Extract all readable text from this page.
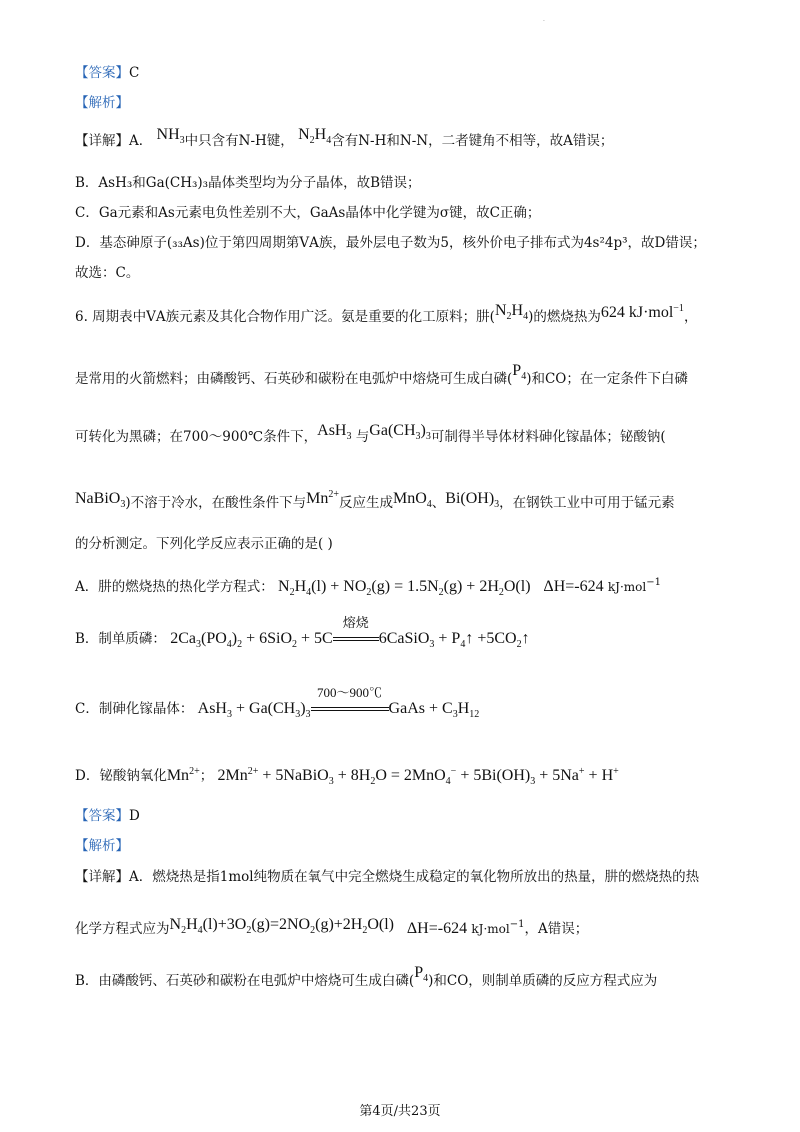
·
【答案】C
【解析】
【详解】A． $NH_3$中只含有N-H键， $N_2H_4$含有N-H和N-N，二者键角不相等，故A错误；
B．AsH₃和Ga(CH₃)₃晶体类型均为分子晶体，故B错误；
C．Ga元素和As元素电负性差别不大，GaAs晶体中化学键为σ键，故C正确；
D．基态砷原子(₃₃As)位于第四周期第ⅤA族，最外层电子数为5，核外价电子排布式为4s²4p³，故D错误；
故选：C。
6. 周期表中ⅤA族元素及其化合物作用广泛。氨是重要的化工原料；肼$(N_2H_4)$的燃烧热为624 kJ·mol$^{-1}$，
是常用的火箭燃料；由磷酸钙、石英砂和碳粉在电弧炉中熔烧可生成白磷$(P_4)$和CO；在一定条件下白磷
可转化为黑磷；在700～900℃条件下，AsH$_3$ 与$Ga(CH_3)_3$可制得半导体材料砷化镓晶体；铋酸钠(
NaBiO$_3$)不溶于冷水，在酸性条件下与$Mn^{2+}$反应生成MnO$_4$、$Bi(OH)_3$，在钢铁工业中可用于锰元素
的分析测定。下列化学反应表示正确的是( )
A．肼的燃烧热的热化学方程式： $N_2H_4(l) + NO_2(g) = 1.5N_2(g) + 2H_2O(l)$ ΔH=-624 kJ·mol$^{-1}$
B．制单质磷： $2Ca_3(PO_4)_2 + 6SiO_2 + 5C$
熔烧
6CaSiO$_3$ + $P_4↑$ $+5CO_2↑$
C．制砷化镓晶体： $AsH_3 + Ga(CH_3)_3$
700～900℃
GaAs + $C_3H_{12}$
D．铋酸钠氧化$Mn^{2+}$； $2Mn^{2+}$ + 5NaBiO$_3$ + $8H_2O = 2MnO_4^- + 5Bi(OH)_3 + 5Na^+ + H^+$
【答案】D
【解析】
【详解】A．燃烧热是指1mol纯物质在氧气中完全燃烧生成稳定的氧化物所放出的热量，肼的燃烧热的热
化学方程式应为$N_2H_4(l)+3O_2(g)=2NO_2(g)+2H_2O(l)$ ΔH=-624 kJ·mol$^{-1}$，A错误；
B．由磷酸钙、石英砂和碳粉在电弧炉中熔烧可生成白磷$(P_4)$和CO，则制单质磷的反应方程式应为
第4页/共23页
